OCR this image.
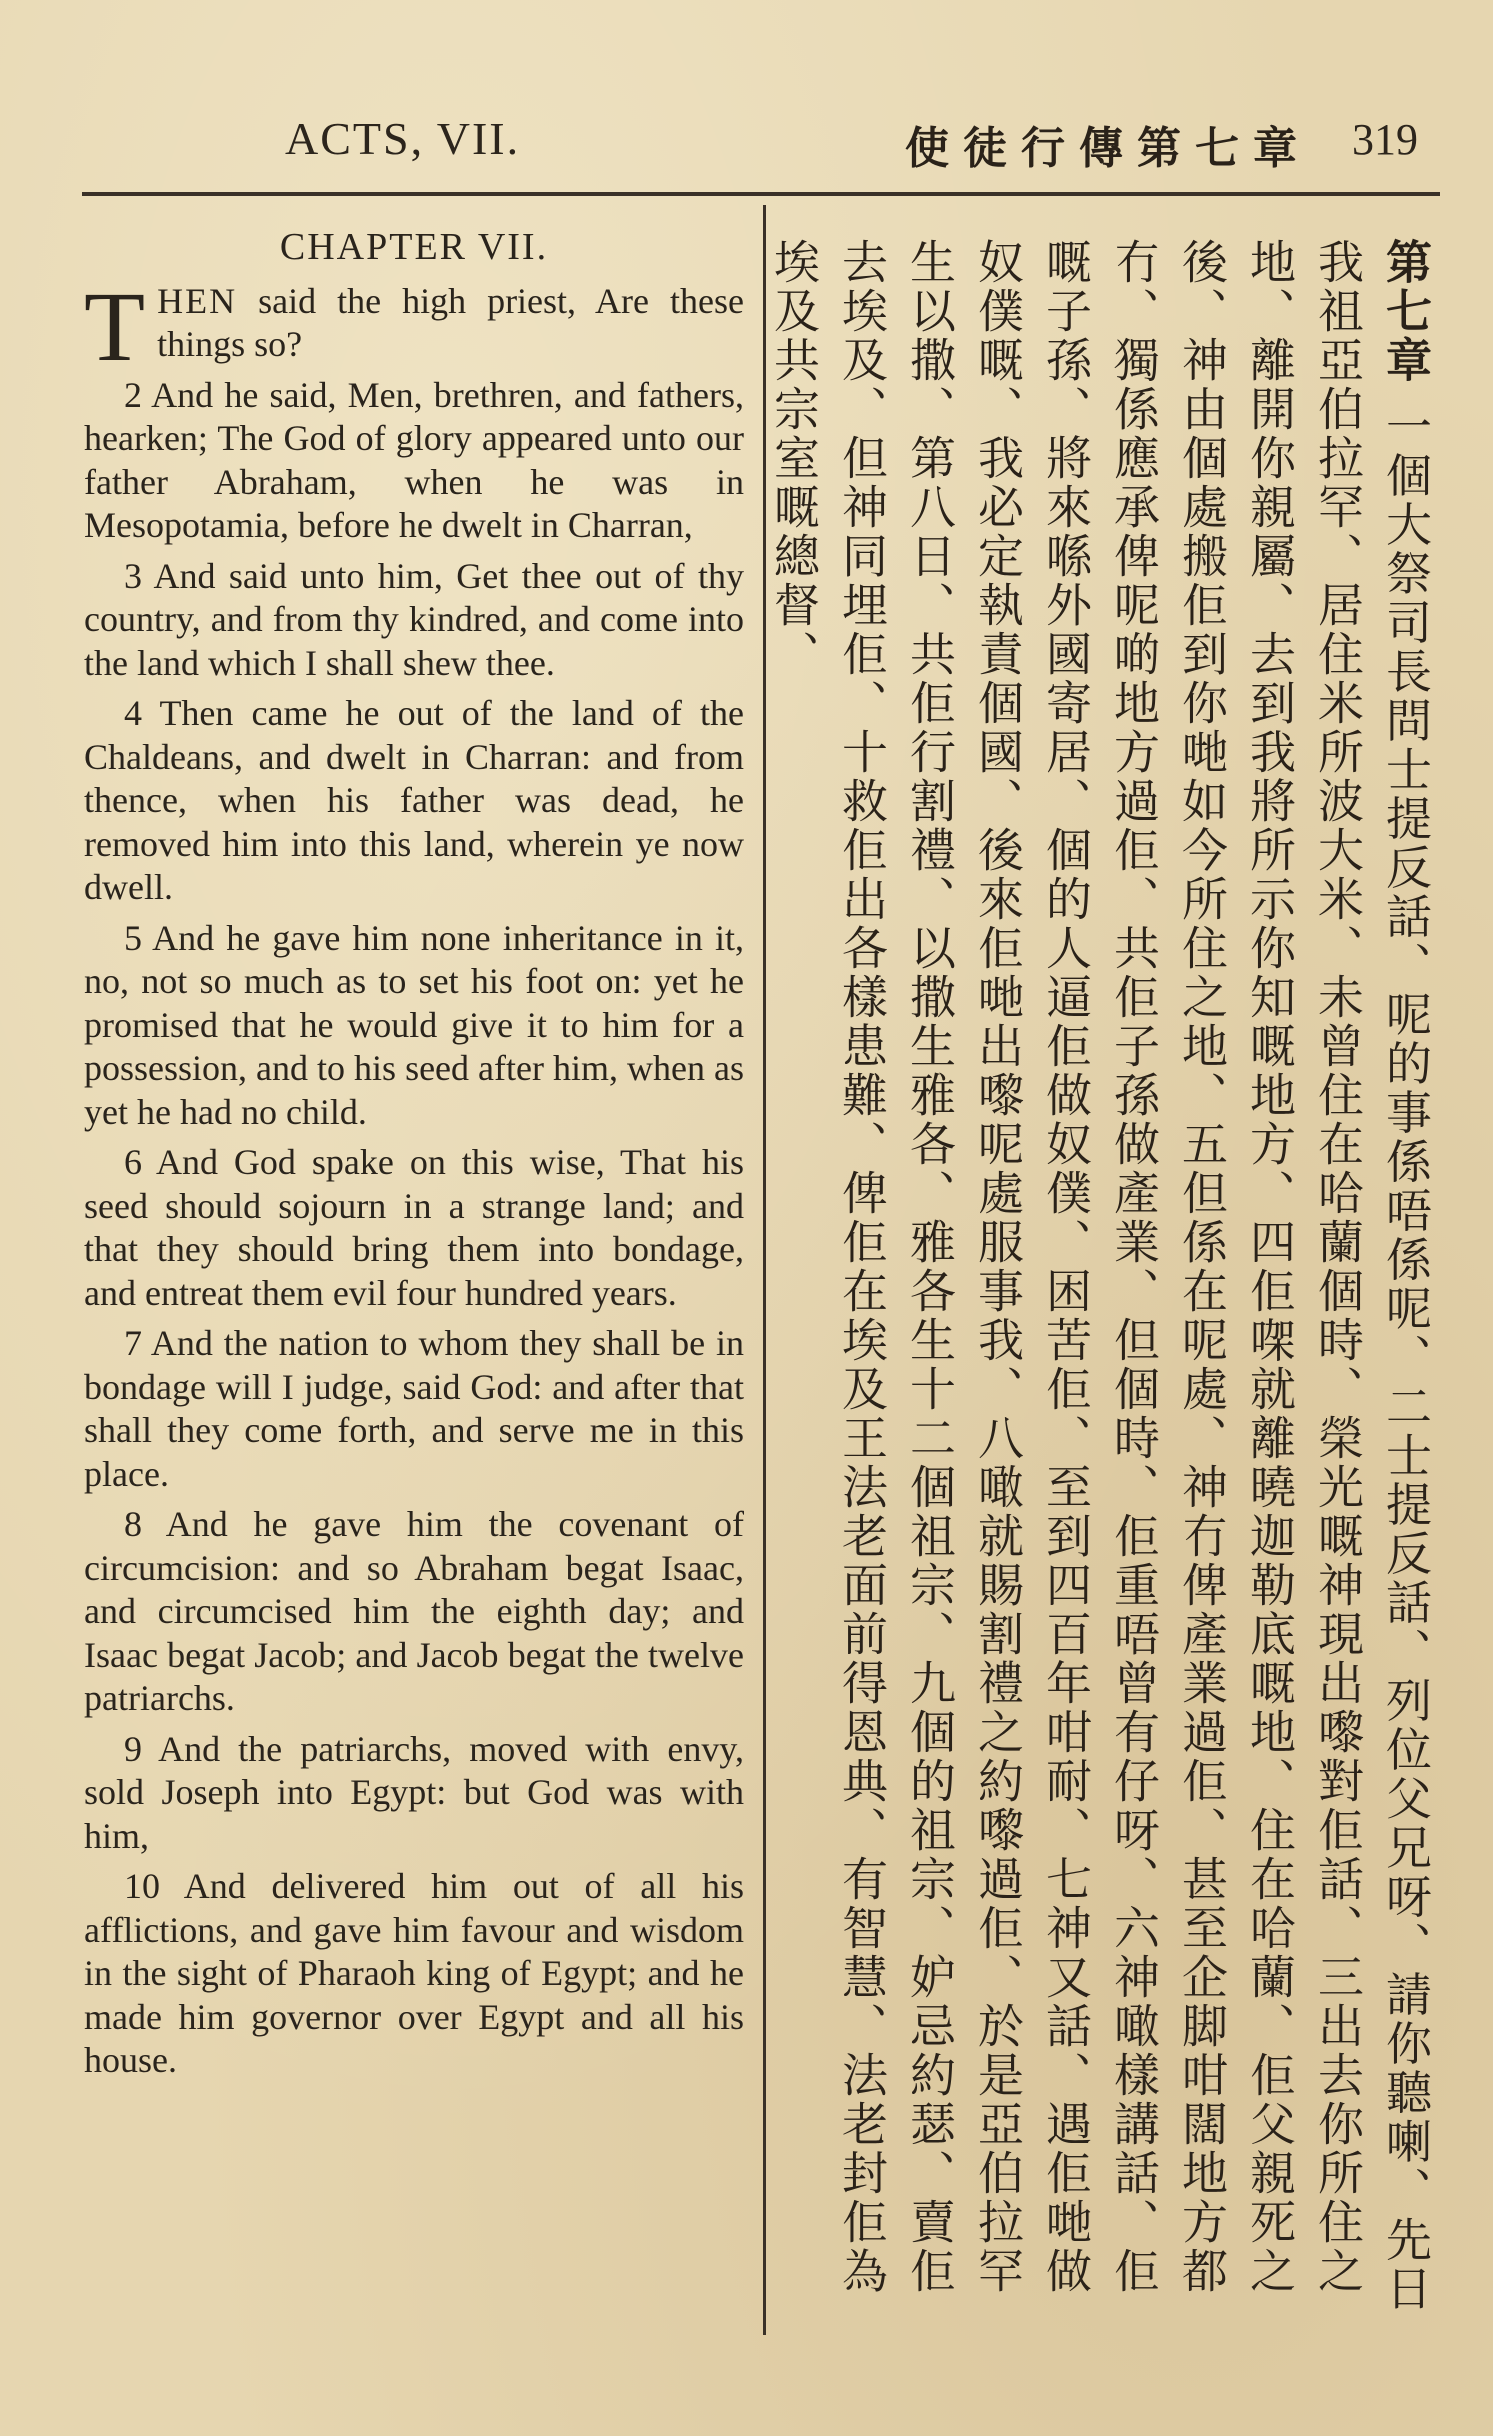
ACTS, VII.	使徒行傳第七章 319
CHAPTER VII.

THEN said the high priest, Are these things so?

2 And he said, Men, brethren, and fathers, hearken; The God of glory appeared unto our father Abraham, when he was in Mesopotamia, before he dwelt in Charran,

3 And said unto him, Get thee out of thy country, and from thy kindred, and come into the land which I shall shew thee.

4 Then came he out of the land of the Chaldeans, and dwelt in Charran: and from thence, when his father was dead, he removed him into this land, wherein ye now dwell.

5 And he gave him none inheritance in it, no, not so much as to set his foot on: yet he promised that he would give it to him for a possession, and to his seed after him, when as yet he had no child.

6 And God spake on this wise, That his seed should sojourn in a strange land; and that they should bring them into bondage, and entreat them evil four hundred years.

7 And the nation to whom they shall be in bondage will I judge, said God: and after that shall they come forth, and serve me in this place.

8 And he gave him the covenant of circumcision: and so Abraham begat Isaac, and circumcised him the eighth day; and Isaac begat Jacob; and Jacob begat the twelve patriarchs.

9 And the patriarchs, moved with envy, sold Joseph into Egypt: but God was with him,

10 And delivered him out of all his afflictions, and gave him favour and wisdom in the sight of Pharaoh king of Egypt; and he made him governor over Egypt and all his house.

第七章 一個大祭司長問士提反話、呢的事係唔係呢、二士提反話、列位父兄呀、請你聽喇、先日我祖亞伯拉罕、居住米所波大米、未曾住在哈蘭個時、榮光嘅神現出嚟對佢話、三出去你所住之地、離開你親屬、去到我將所示你知嘅地方、四佢㗎就離曉迦勒底嘅地、住在哈蘭、佢父親死之後、神由個處搬佢到你哋如今所住之地、五但係在呢處、神冇俾產業過佢、甚至企脚咁闊地方都冇、獨係應承俾呢啲地方過佢、共佢子孫做產業、但個時、佢重唔曾有仔呀、六神噉樣講話、佢嘅子孫、將來喺外國寄居、個的人逼佢做奴僕、困苦佢、至到四百年咁耐、七神又話、遇佢哋做奴僕嘅、我必定執責個國、後來佢哋出嚟呢處服事我、八噉就賜割禮之約嚟過佢、於是亞伯拉罕生以撒、第八日、共佢行割禮、以撒生雅各、雅各生十二個祖宗、九個的祖宗、妒忌約瑟、賣佢去埃及、但神同埋佢、十救佢出各樣患難、俾佢在埃及王法老面前得恩典、有智慧、法老封佢為埃及共宗室嘅總督、
